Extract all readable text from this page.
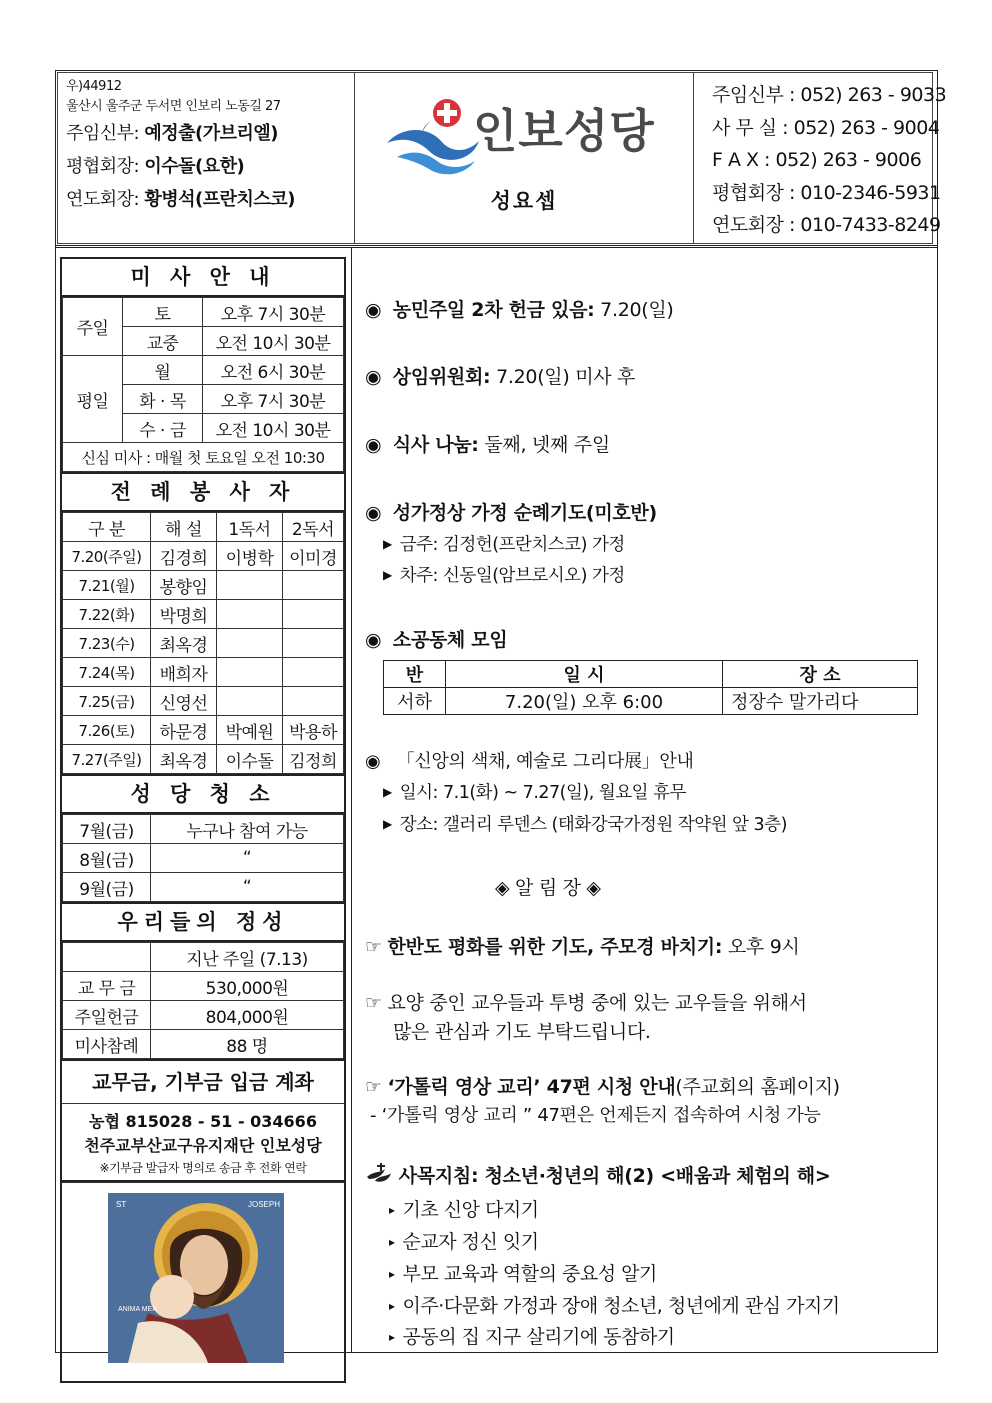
우)44912
울산시 울주군 두서면 인보리 노동길 27
주임신부: 예정출(가브리엘)
평협회장: 이수돌(요한)
연도회장: 황병석(프란치스코)
인보성당
성요셉
주임신부 : 052) 263 - 9033
사 무 실 : 052) 263 - 9004
F A X : 052) 263 - 9006
평협회장 : 010-2346-5931
연도회장 : 010-7433-8249
미 사 안 내
주일	토	오후 7시 30분
	교중	오전 10시 30분
평일	월	오전 6시 30분
	화 · 목	오후 7시 30분
	수 · 금	오전 10시 30분
신심 미사 : 매월 첫 토요일 오전 10:30		
전 례 봉 사 자
구 분	해 설	1독서	2독서
7.20(주일)	김경희	이병학	이미경
7.21(월)	봉향임		
7.22(화)	박명희		
7.23(수)	최옥경		
7.24(목)	배희자		
7.25(금)	신영선		
7.26(토)	하문경	박예원	박용하
7.27(주일)	최옥경	이수돌	김정희
성 당 청 소
7월(금)	누구나 참여 가능
8월(금)	“
9월(금)	“
우리들의 정성
	지난 주일 (7.13)
교 무 금	530,000원
주일헌금	804,000원
미사참례	88 명
교무금, 기부금 입금 계좌
농협 815028 - 51 - 034666
천주교부산교구유지재단 인보성당
※기부금 발급자 명의로 송금 후 전화 연락
ST	JOSEPH
ANIMA MEA
◉ 농민주일 2차 헌금 있음: 7.20(일)
◉ 상임위원회: 7.20(일) 미사 후
◉ 식사 나눔: 둘째, 넷째 주일
◉ 성가정상 가정 순례기도(미호반)
▶ 금주: 김정헌(프란치스코) 가정
▶ 차주: 신동일(암브로시오) 가정
◉ 소공동체 모임
반	일 시	장 소
서하	7.20(일) 오후 6:00	정장수 말가리다
◉ 「신앙의 색채, 예술로 그리다展」안내
▶ 일시: 7.1(화) ~ 7.27(일), 월요일 휴무
▶ 장소: 갤러리 루덴스 (태화강국가정원 작약원 앞 3층)
◈ 알 림 장 ◈
☞ 한반도 평화를 위한 기도, 주모경 바치기: 오후 9시
☞ 요양 중인 교우들과 투병 중에 있는 교우들을 위해서
많은 관심과 기도 부탁드립니다.
☞ ‘가톨릭 영상 교리’ 47편 시청 안내(주교회의 홈페이지)
- ‘가톨릭 영상 교리 ” 47편은 언제든지 접속하여 시청 가능
사목지침: 청소년·청년의 해(2) <배움과 체험의 해>
▸ 기초 신앙 다지기
▸ 순교자 정신 잇기
▸ 부모 교육과 역할의 중요성 알기
▸ 이주·다문화 가정과 장애 청소년, 청년에게 관심 가지기
▸ 공동의 집 지구 살리기에 동참하기
